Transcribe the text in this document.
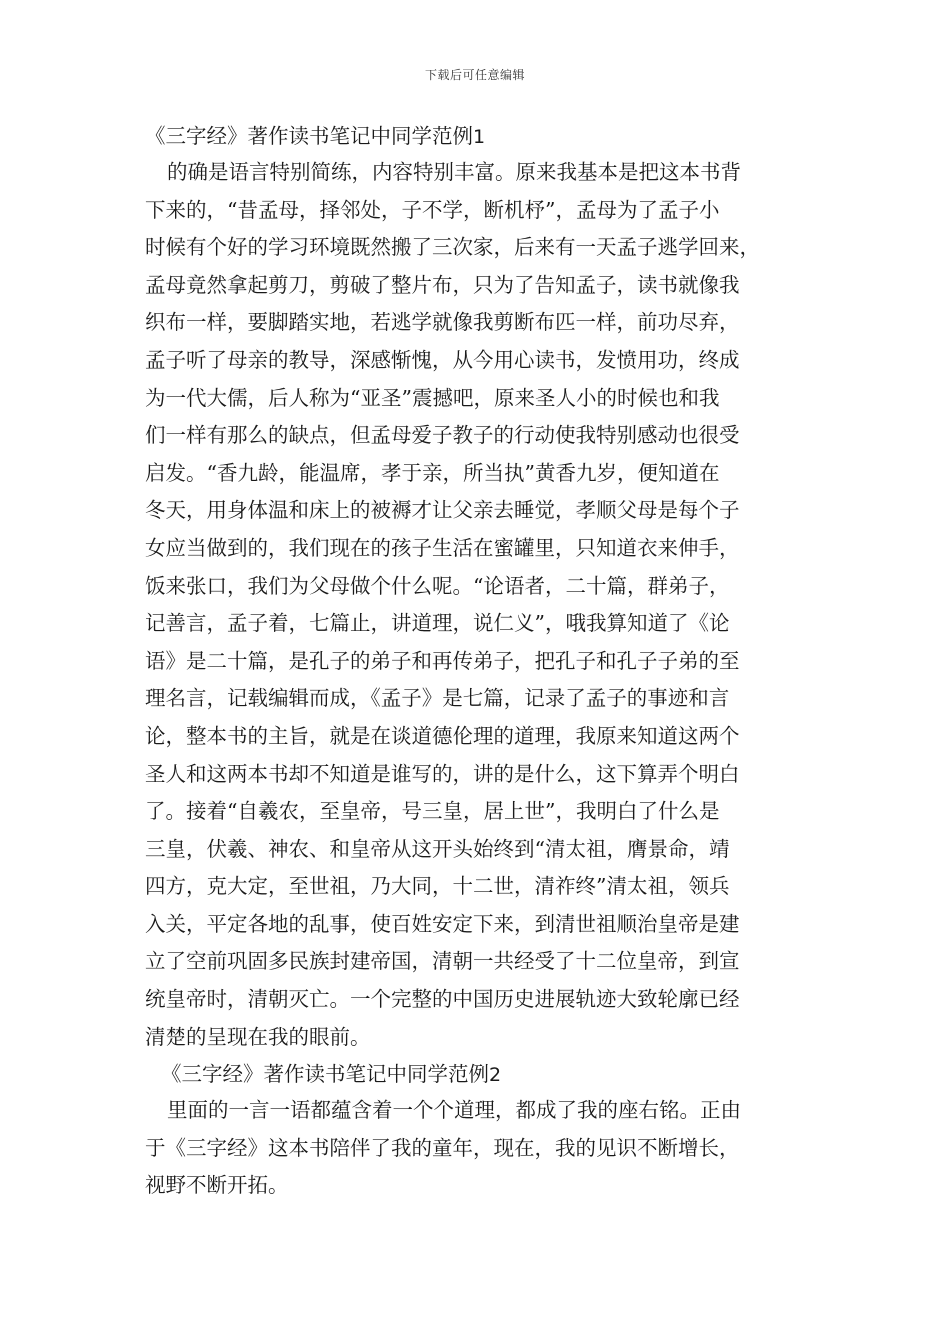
下载后可任意编辑
《三字经》著作读书笔记中同学范例1
的确是语言特别简练，内容特别丰富。原来我基本是把这本书背
下来的，“昔孟母，择邻处，子不学，断机杼”，孟母为了孟子小
时候有个好的学习环境既然搬了三次家，后来有一天孟子逃学回来，
孟母竟然拿起剪刀，剪破了整片布，只为了告知孟子，读书就像我
织布一样，要脚踏实地，若逃学就像我剪断布匹一样，前功尽弃，
孟子听了母亲的教导，深感惭愧，从今用心读书，发愤用功，终成
为一代大儒，后人称为“亚圣”震撼吧，原来圣人小的时候也和我
们一样有那么的缺点，但孟母爱子教子的行动使我特别感动也很受
启发。“香九龄，能温席，孝于亲，所当执”黄香九岁，便知道在
冬天，用身体温和床上的被褥才让父亲去睡觉，孝顺父母是每个子
女应当做到的，我们现在的孩子生活在蜜罐里，只知道衣来伸手，
饭来张口，我们为父母做个什么呢。“论语者，二十篇，群弟子，
记善言，孟子着，七篇止，讲道理，说仁义”，哦我算知道了《论
语》是二十篇，是孔子的弟子和再传弟子，把孔子和孔子子弟的至
理名言，记载编辑而成，《孟子》是七篇，记录了孟子的事迹和言
论，整本书的主旨，就是在谈道德伦理的道理，我原来知道这两个
圣人和这两本书却不知道是谁写的，讲的是什么，这下算弄个明白
了。接着“自羲农，至皇帝，号三皇，居上世”，我明白了什么是
三皇，伏羲、神农、和皇帝从这开头始终到“清太祖，膺景命，靖
四方，克大定，至世祖，乃大同，十二世，清祚终”清太祖，领兵
入关，平定各地的乱事，使百姓安定下来，到清世祖顺治皇帝是建
立了空前巩固多民族封建帝国，清朝一共经受了十二位皇帝，到宣
统皇帝时，清朝灭亡。一个完整的中国历史进展轨迹大致轮廓已经
清楚的呈现在我的眼前。
《三字经》著作读书笔记中同学范例2
里面的一言一语都蕴含着一个个道理，都成了我的座右铭。正由
于《三字经》这本书陪伴了我的童年，现在，我的见识不断增长，
视野不断开拓。
